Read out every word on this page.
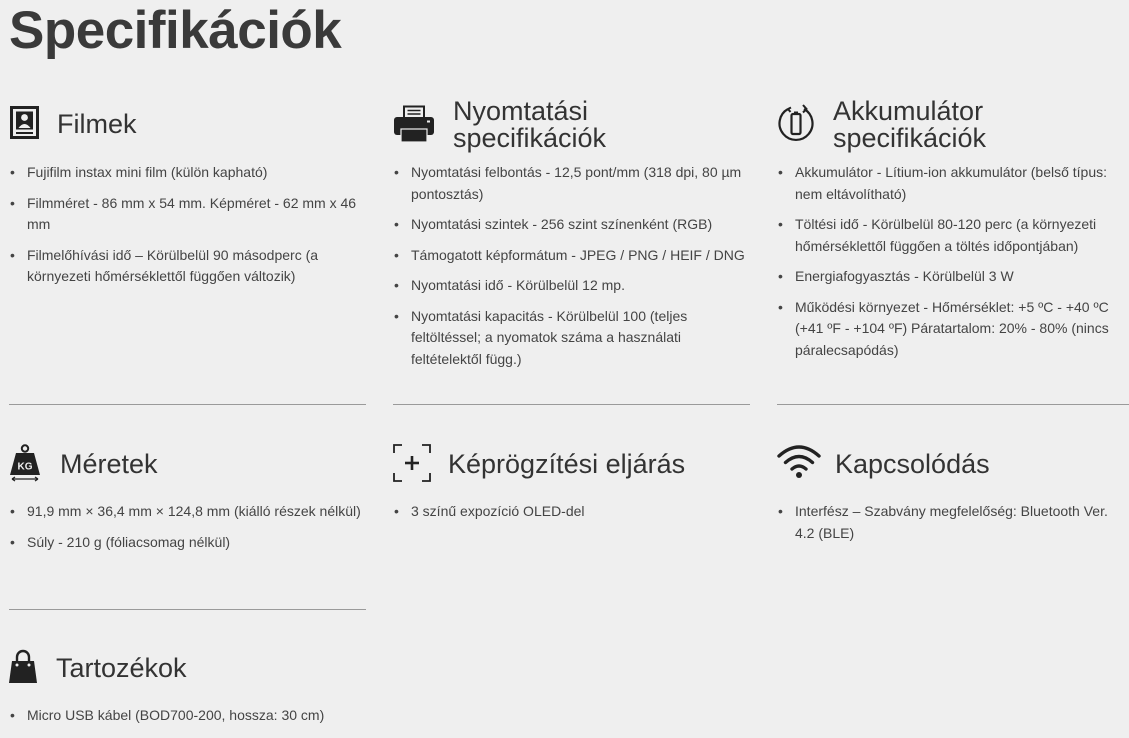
Specifikációk
Filmek
• Fujifilm instax mini film (külön kapható)
• Filmméret - 86 mm x 54 mm. Képméret - 62 mm x 46 mm
• Filmelőhívási idő – Körülbelül 90 másodperc (a környezeti hőmérséklettől függően változik)
Nyomtatási
specifikációk
• Nyomtatási felbontás - 12,5 pont/mm (318 dpi, 80 µm pontosztás)
• Nyomtatási szintek - 256 szint színenként (RGB)
• Támogatott képformátum - JPEG / PNG / HEIF / DNG
• Nyomtatási idő - Körülbelül 12 mp.
• Nyomtatási kapacitás - Körülbelül 100 (teljes feltöltéssel; a nyomatok száma a használati feltételektől függ.)
Akkumulátor
specifikációk
• Akkumulátor - Lítium-ion akkumulátor (belső típus: nem eltávolítható)
• Töltési idő - Körülbelül 80-120 perc (a környezeti hőmérséklettől függően a töltés időpontjában)
• Energiafogyasztás - Körülbelül 3 W
• Működési környezet - Hőmérséklet: +5 ºC - +40 ºC (+41 ºF - +104 ºF) Páratartalom: 20% - 80% (nincs páralecsapódás)
KG Méretek
• 91,9 mm × 36,4 mm × 124,8 mm (kiálló részek nélkül)
• Súly - 210 g (fóliacsomag nélkül)
Képrögzítési eljárás
• 3 színű expozíció OLED-del
Kapcsolódás
• Interfész – Szabvány megfelelőség: Bluetooth Ver. 4.2 (BLE)
Tartozékok
• Micro USB kábel (BOD700-200, hossza: 30 cm)
